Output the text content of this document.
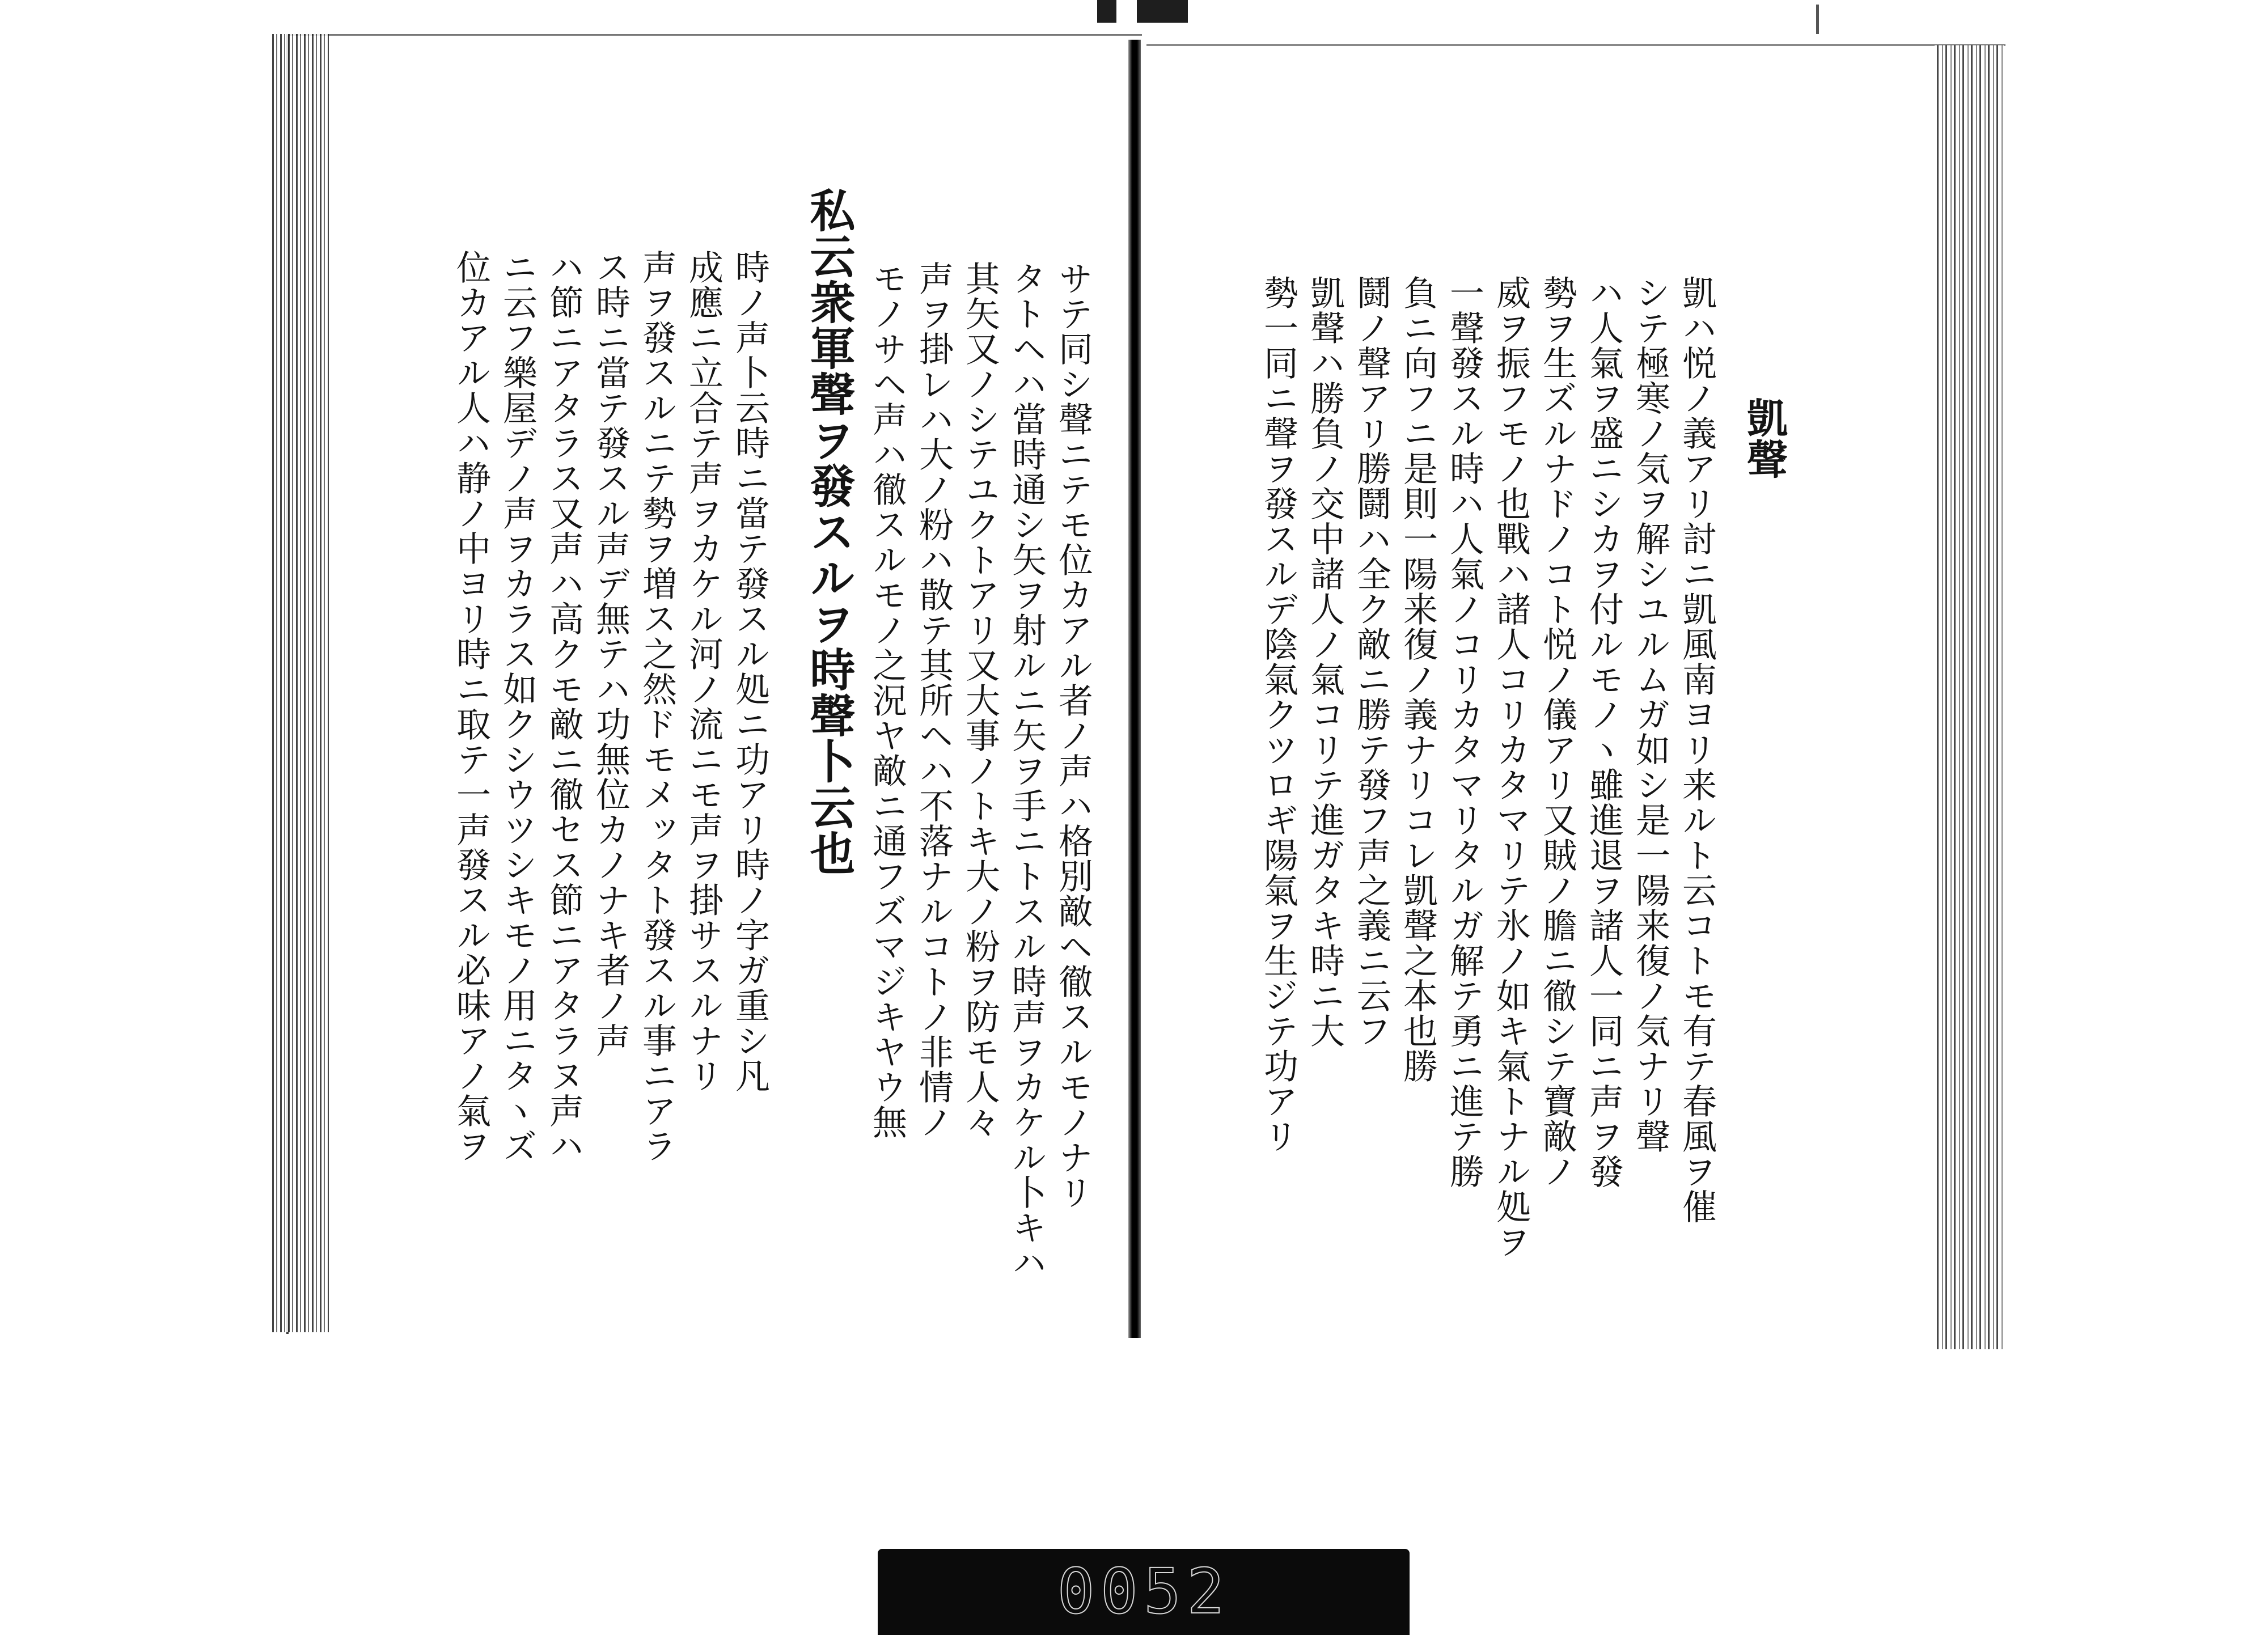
凱聲
凱ハ悦ノ義アリ討ニ凱風南ヨリ来ルト云コトモ有テ春風ヲ催
シテ極寒ノ気ヲ解シユルムガ如シ是一陽来復ノ気ナリ聲
ハ人氣ヲ盛ニシカヲ付ルモノヽ雖進退ヲ諸人一同ニ声ヲ發
勢ヲ生ズルナドノコト悦ノ儀アリ又賊ノ膽ニ徹シテ寶敵ノ
威ヲ振フモノ也戰ハ諸人コリカタマリテ氷ノ如キ氣トナル処ヲ
一聲發スル時ハ人氣ノコリカタマリタルガ解テ勇ニ進テ勝
負ニ向フニ是則一陽来復ノ義ナリコレ凱聲之本也勝
鬪ノ聲アリ勝鬪ハ全ク敵ニ勝テ發フ声之義ニ云フ
凱聲ハ勝負ノ交中諸人ノ氣コリテ進ガタキ時ニ大
勢一同ニ聲ヲ發スルデ陰氣クツロギ陽氣ヲ生ジテ功アリ
サテ同シ聲ニテモ位カアル者ノ声ハ格別敵ヘ徹スルモノナリ
タトヘハ當時通シ矢ヲ射ルニ矢ヲ手ニトスル時声ヲカケル卜キハ
其矢又ノシテユクトアリ又大事ノトキ大ノ粉ヲ防モ人々
声ヲ掛レハ大ノ粉ハ散テ其所ヘハ不落ナルコトノ非情ノ
モノサヘ声ハ徹スルモノ之況ヤ敵ニ通フズマジキヤウ無
私云衆軍聲ヲ發スルヲ時聲卜云也
時ノ声卜云時ニ當テ發スル処ニ功アリ時ノ字ガ重シ凡
成應ニ立合テ声ヲカケル河ノ流ニモ声ヲ掛サスルナリ
声ヲ發スルニテ勢ヲ増ス之然ドモメッタト發スル事ニアラ
ス時ニ當テ發スル声デ無テハ功無位カノナキ者ノ声
ハ節ニアタラス又声ハ高クモ敵ニ徹セス節ニアタラヌ声ハ
ニ云フ樂屋デノ声ヲカラス如クシウツシキモノ用ニタヽズ
位カアル人ハ静ノ中ヨリ時ニ取テ一声發スル必味アノ氣ヲ
0052
